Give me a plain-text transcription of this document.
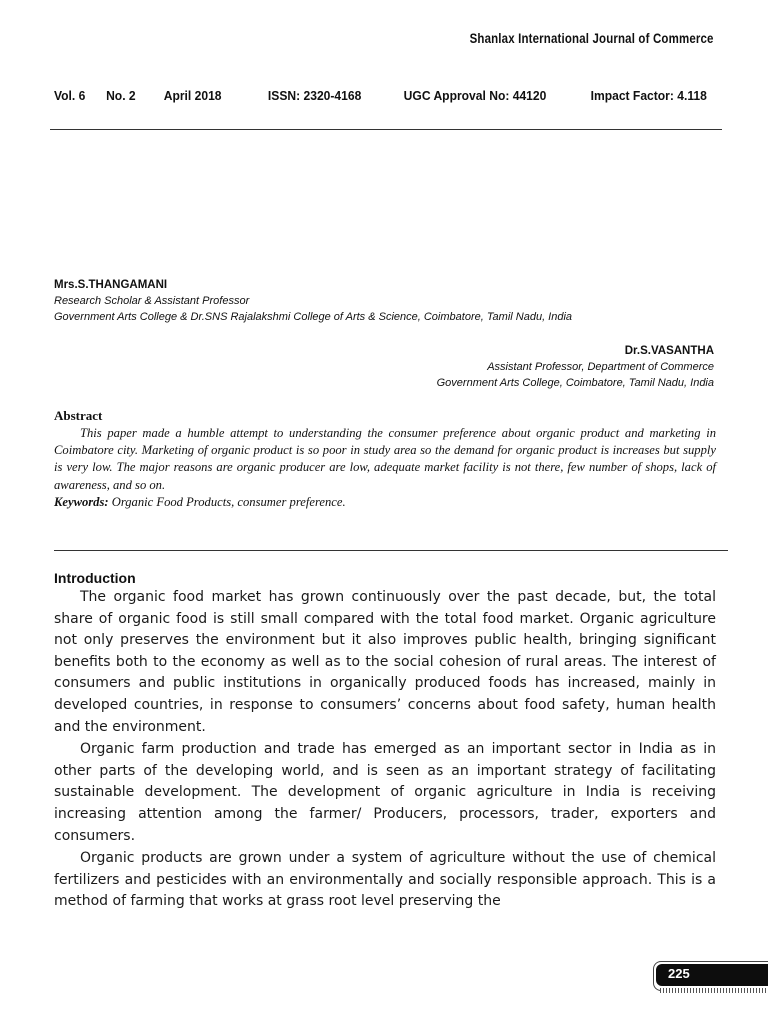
Shanlax International Journal of Commerce
Vol. 6 No. 2 April 2018	ISSN: 2320-4168	UGC Approval No: 44120	Impact Factor: 4.118
Mrs.S.THANGAMANI
Research Scholar & Assistant Professor
Government Arts College & Dr.SNS Rajalakshmi College of Arts & Science, Coimbatore, Tamil Nadu, India
Dr.S.VASANTHA
Assistant Professor, Department of Commerce
Government Arts College, Coimbatore, Tamil Nadu, India
Abstract

This paper made a humble attempt to understanding the consumer preference about organic product and marketing in Coimbatore city. Marketing of organic product is so poor in study area so the demand for organic product is increases but supply is very low. The major reasons are organic producer are low, adequate market facility is not there, few number of shops, lack of awareness, and so on.

Keywords: Organic Food Products, consumer preference.
Introduction

The organic food market has grown continuously over the past decade, but, the total share of organic food is still small compared with the total food market. Organic agriculture not only preserves the environment but it also improves public health, bringing significant benefits both to the economy as well as to the social cohesion of rural areas. The interest of consumers and public institutions in organically produced foods has increased, mainly in developed countries, in response to consumers’ concerns about food safety, human health and the environment.

Organic farm production and trade has emerged as an important sector in India as in other parts of the developing world, and is seen as an important strategy of facilitating sustainable development. The development of organic agriculture in India is receiving increasing attention among the farmer/ Producers, processors, trader, exporters and consumers.

Organic products are grown under a system of agriculture without the use of chemical fertilizers and pesticides with an environmentally and socially responsible approach. This is a method of farming that works at grass root level preserving the

225
